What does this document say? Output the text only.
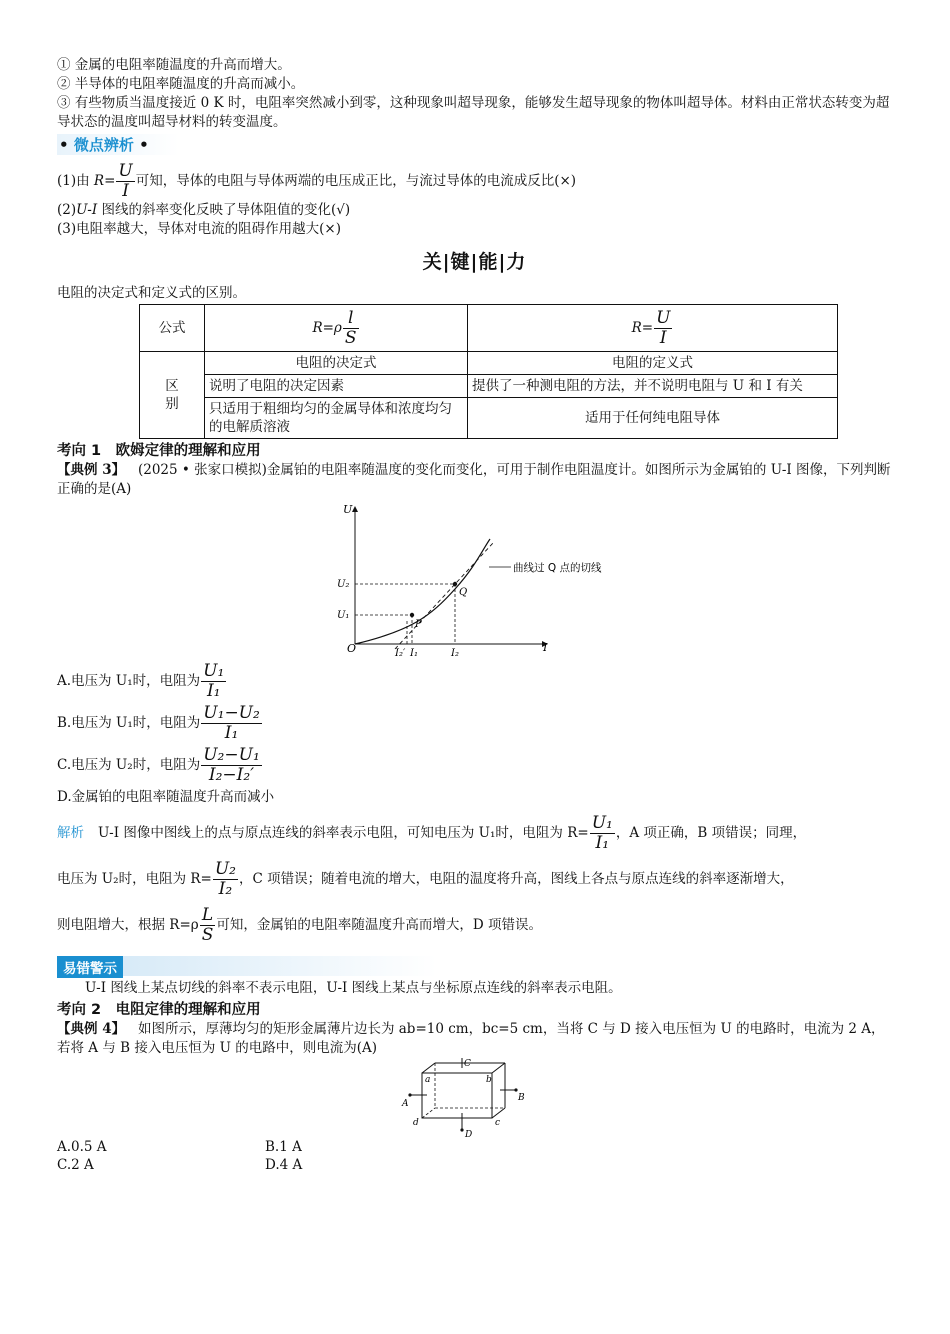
① 金属的电阻率随温度的升高而增大。

② 半导体的电阻率随温度的升高而减小。

③ 有些物质当温度接近 0 K 时，电阻率突然减小到零，这种现象叫超导现象，能够发生超导现象的物体叫超导体。材料由正常状态转变为超导状态的温度叫超导材料的转变温度。

• 微点辨析 •

(1)由 $R= \frac{U}{I}$ 可知，导体的电阻与导体两端的电压成正比，与流过导体的电流成反比(×)

(2)U-I 图线的斜率变化反映了导体阻值的变化(√)

(3)电阻率越大，导体对电流的阻碍作用越大(×)

关|键|能|力

电阻的决定式和定义式的区别。

公式	$R=\rho \frac{l}{S}$	$R= \frac{U}{I}$

区
别	电阻的决定式	电阻的定义式
	说明了电阻的决定因素	提供了一种测电阻的方法，并不说明电阻与 U 和 I 有关
	只适用于粗细均匀的金属导体和浓度均匀的电解质溶液	适用于任何纯电阻导体

考向 1　欧姆定律的理解和应用

【典例 3】 (2025 • 张家口模拟)金属铂的电阻率随温度的变化而变化，可用于制作电阻温度计。如图所示为金属铂的 U-I 图像，下列判断正确的是(A)

U
I
O
U₂
U₁
I₂′ I₁	I₂
P
Q
曲线过 Q 点的切线

A.电压为 U₁时，电阻为 $\frac{\text{U₁}}{\text{I₁}}$

B.电压为 U₁时，电阻为 $\frac{\text{U₁−U₂}}{\text{I₁}}$

C.电压为 U₂时，电阻为 $\frac{\text{U₂−U₁}}{\text{I₂−I₂′}}$

D.金属铂的电阻率随温度升高而减小

解析 U-I 图像中图线上的点与原点连线的斜率表示电阻，可知电压为 U₁时，电阻为 $R= \frac{\text{U₁}}{\text{I₁}}$ ，A 项正确，B 项错误；同理，

电压为 U₂时，电阻为 $R= \frac{\text{U₂}}{\text{I₂}}$ ，C 项错误；随着电流的增大，电阻的温度将升高，图线上各点与原点连线的斜率逐渐增大，

则电阻增大，根据 $R=\rho \frac{L}{S}$ 可知，金属铂的电阻率随温度升高而增大，D 项错误。

易错警示

U-I 图线上某点切线的斜率不表示电阻，U-I 图线上某点与坐标原点连线的斜率表示电阻。

考向 2　电阻定律的理解和应用

【典例 4】 如图所示，厚薄均匀的矩形金属薄片边长为 ab=10 cm，bc=5 cm，当将 C 与 D 接入电压恒为 U 的电路时，电流为 2 A，若将 A 与 B 接入电压恒为 U 的电路中，则电流为(A)

a	b
c
d
A
B
C
D
A.0.5 A	B.1 A
C.2 A	D.4 A
